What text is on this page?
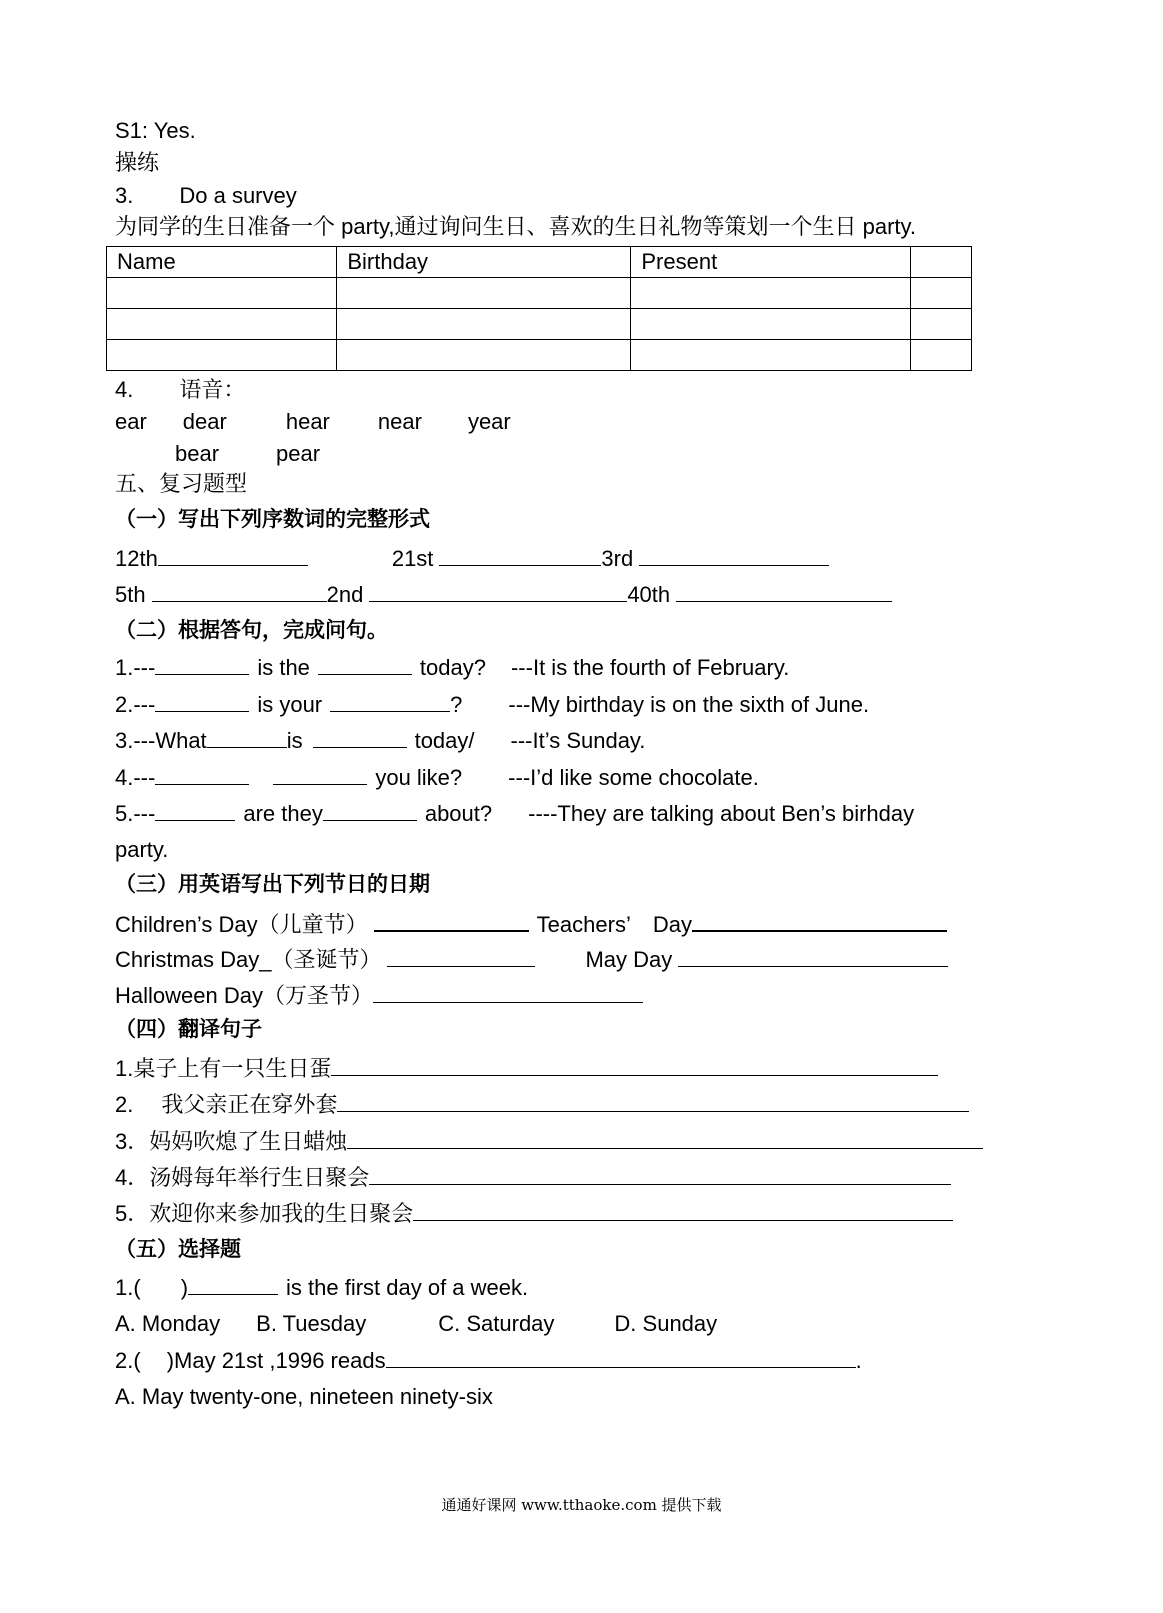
S1: Yes.
操练
3. Do a survey
为同学的生日准备一个 party,通过询问生日、喜欢的生日礼物等策划一个生日 party.
Name	Birthday	Present	

4. 语音：
ear dear	hear near year
bear	pear
五、复习题型
（一）写出下列序数词的完整形式
12th	21st	3rd
5th	2nd	40th
（二）根据答句，完成问句。
1.---	is the	today? ---It is the fourth of February.
2.---	is your	? ---My birthday is on the sixth of June.
3.---What	is	today/ ---It’s Sunday.
4.---	you like? ---I’d like some chocolate.
5.---	are they	about? ----They are talking about Ben’s birhday
party.
（三）用英语写出下列节日的日期
Children’s Day（儿童节）	Teachers’ Day
Christmas Day_（圣诞节）	May Day
Halloween Day（万圣节）
（四）翻译句子
1.桌子上有一只生日蛋
2. 我父亲正在穿外套
3．妈妈吹熄了生日蜡烛
4．汤姆每年举行生日聚会
5．欢迎你来参加我的生日聚会
（五）选择题
1.( )	is the first day of a week.
A. Monday B. Tuesday	C. Saturday	D. Sunday
2.( )May 21st ,1996 reads	.
A. May twenty-one, nineteen ninety-six
通通好课网 www.tthaoke.com 提供下载
